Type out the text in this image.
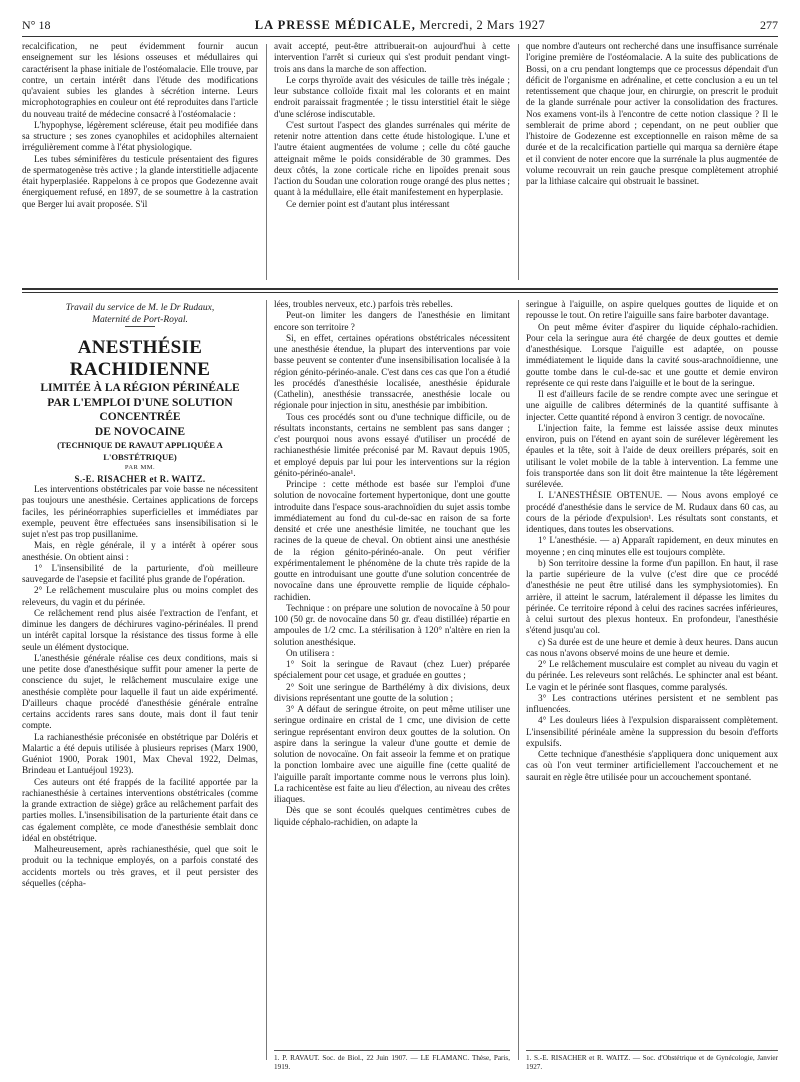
N° 18	LA PRESSE MÉDICALE, Mercredi, 2 Mars 1927	277

recalcification, ne peut évidemment fournir aucun enseignement sur les lésions osseuses et médullaires qui caractérisent la phase initiale de l'ostéomalacie. Elle trouve, par contre, un certain intérêt dans l'étude des modifications qu'avaient subies les glandes à sécrétion interne. Leurs microphotographies en couleur ont été reproduites dans l'article du nouveau traité de médecine consacré à l'ostéomalacie :

L'hypophyse, légèrement scléreuse, était peu modifiée dans sa structure ; ses zones cyanophiles et acidophiles alternaient irrégulièrement comme à l'état physiologique.

Les tubes séminifères du testicule présentaient des figures de spermatogenèse très active ; la glande interstitielle adjacente était hyperplasiée. Rappelons à ce propos que Godezenne avait énergiquement refusé, en 1897, de se soumettre à la castration que Berger lui avait proposée. S'il

avait accepté, peut-être attribuerait-on aujourd'hui à cette intervention l'arrêt si curieux qui s'est produit pendant vingt-trois ans dans la marche de son affection.

Le corps thyroïde avait des vésicules de taille très inégale ; leur substance colloïde fixait mal les colorants et en maint endroit paraissait fragmentée ; le tissu interstitiel était le siège d'une sclérose indiscutable.

C'est surtout l'aspect des glandes surrénales qui mérite de retenir notre attention dans cette étude histologique. L'une et l'autre étaient augmentées de volume ; celle du côté gauche atteignait même le poids considérable de 30 grammes. Des deux côtés, la zone corticale riche en lipoïdes prenait sous l'action du Soudan une coloration rouge orangé des plus nettes ; quant à la médullaire, elle était manifestement en hyperplasie.

Ce dernier point est d'autant plus intéressant

que nombre d'auteurs ont recherché dans une insuffisance surrénale l'origine première de l'ostéomalacie. A la suite des publications de Bossi, on a cru pendant longtemps que ce processus dépendait d'un déficit de l'organisme en adrénaline, et cette conclusion a eu un tel retentissement que chaque jour, en chirurgie, on prescrit le produit de la glande surrénale pour activer la consolidation des fractures. Nos examens vont-ils à l'encontre de cette notion classique ? Il le semblerait de prime abord ; cependant, on ne peut oublier que l'histoire de Godezenne est exceptionnelle en raison même de sa durée et de la recalcification partielle qui marqua sa dernière étape et il convient de noter encore que la surrénale la plus augmentée de volume recouvrait un rein gauche presque complètement atrophié par la lithiase calcaire qui obstruait le bassinet.

Travail du service de M. le Dr Rudaux,
Maternité de Port-Royal.

ANESTHÉSIE RACHIDIENNE

LIMITÉE À LA RÉGION PÉRINÉALE

PAR L'EMPLOI D'UNE SOLUTION CONCENTRÉE

DE NOVOCAINE

(TECHNIQUE DE RAVAUT APPLIQUÉE A L'OBSTÉTRIQUE)

PAR MM.

S.-E. RISACHER et R. WAITZ.

Les interventions obstétricales par voie basse ne nécessitent pas toujours une anesthésie. Certaines applications de forceps faciles, les périnéorraphies superficielles et immédiates par exemple, peuvent être effectuées sans insensibilisation si le sujet n'est pas trop pusillanime.

Mais, en règle générale, il y a intérêt à opérer sous anesthésie. On obtient ainsi :

1° L'insensibilité de la parturiente, d'où meilleure sauvegarde de l'asepsie et facilité plus grande de l'opération.

2° Le relâchement musculaire plus ou moins complet des releveurs, du vagin et du périnée.

Ce relâchement rend plus aisée l'extraction de l'enfant, et diminue les dangers de déchirures vagino-périnéales. Il prend un intérêt capital lorsque la résistance des tissus forme à elle seule un élément dystocique.

L'anesthésie générale réalise ces deux conditions, mais si une petite dose d'anesthésique suffit pour amener la perte de conscience du sujet, le relâchement musculaire exige une anesthésie complète pour laquelle il faut un aide expérimenté. D'ailleurs chaque procédé d'anesthésie générale entraîne certains accidents rares sans doute, mais dont il faut tenir compte.

La rachianesthésie préconisée en obstétrique par Doléris et Malartic a été depuis utilisée à plusieurs reprises (Marx 1900, Guéniot 1900, Porak 1901, Max Cheval 1922, Delmas, Brindeau et Lantuéjoul 1923).

Ces auteurs ont été frappés de la facilité apportée par la rachianesthésie à certaines interventions obstétricales (comme la grande extraction de siège) grâce au relâchement parfait des parties molles. L'insensibilisation de la parturiente était dans ce cas également complète, ce mode d'anesthésie semblait donc idéal en obstétrique.

Malheureusement, après rachianesthésie, quel que soit le produit ou la technique employés, on a parfois constaté des accidents mortels ou très graves, et il peut persister des séquelles (cépha-

lées, troubles nerveux, etc.) parfois très rebelles.

Peut-on limiter les dangers de l'anesthésie en limitant encore son territoire ?

Si, en effet, certaines opérations obstétricales nécessitent une anesthésie étendue, la plupart des interventions par voie basse peuvent se contenter d'une insensibilisation localisée à la région génito-périnéo-anale. C'est dans ces cas que l'on a étudié les procédés d'anesthésie localisée, anesthésie épidurale (Cathelin), anesthésie transsacrée, anesthésie locale ou régionale pour injection in situ, anesthésie par imbibition.

Tous ces procédés sont ou d'une technique difficile, ou de résultats inconstants, certains ne semblent pas sans danger ; c'est pourquoi nous avons essayé d'utiliser un procédé de rachianesthésie limitée préconisé par M. Ravaut depuis 1905, et employé depuis par lui pour les interventions sur la région génito-périnéo-anale¹.

Principe : cette méthode est basée sur l'emploi d'une solution de novocaïne fortement hypertonique, dont une goutte introduite dans l'espace sous-arachnoïdien du sujet assis tombe immédiatement au fond du cul-de-sac en raison de sa forte densité et crée une anesthésie limitée, ne touchant que les racines de la queue de cheval. On obtient ainsi une anesthésie de la région génito-périnéo-anale. On peut vérifier expérimentalement le phénomène de la chute très rapide de la goutte en introduisant une goutte d'une solution concentrée de novocaïne dans une éprouvette remplie de liquide céphalo-rachidien.

Technique : on prépare une solution de novocaïne à 50 pour 100 (50 gr. de novocaïne dans 50 gr. d'eau distillée) répartie en ampoules de 1/2 cmc. La stérilisation à 120° n'altère en rien la solution anesthésique.

On utilisera :

1° Soit la seringue de Ravaut (chez Luer) préparée spécialement pour cet usage, et graduée en gouttes ;

2° Soit une seringue de Barthélémy à dix divisions, deux divisions représentant une goutte de la solution ;

3° A défaut de seringue étroite, on peut même utiliser une seringue ordinaire en cristal de 1 cmc, une division de cette seringue représentant environ deux gouttes de la solution. On aspire dans la seringue la valeur d'une goutte et demie de solution de novocaïne. On fait asseoir la femme et on pratique la ponction lombaire avec une aiguille fine (cette qualité de l'aiguille paraît importante comme nous le verrons plus loin). La rachicentèse est faite au lieu d'élection, au niveau des crêtes iliaques.

Dès que se sont écoulés quelques centimètres cubes de liquide céphalo-rachidien, on adapte la

1. P. RAVAUT. Soc. de Biol., 22 Juin 1907. — LE FLAMANC. Thèse, Paris, 1919.

seringue à l'aiguille, on aspire quelques gouttes de liquide et on repousse le tout. On retire l'aiguille sans faire barboter davantage.

On peut même éviter d'aspirer du liquide céphalo-rachidien. Pour cela la seringue aura été chargée de deux gouttes et demie d'anesthésique. Lorsque l'aiguille est adaptée, on pousse immédiatement le liquide dans la cavité sous-arachnoïdienne, une goutte tombe dans le cul-de-sac et une goutte et demie environ représente ce qui reste dans l'aiguille et le bout de la seringue.

Il est d'ailleurs facile de se rendre compte avec une seringue et une aiguille de calibres déterminés de la quantité suffisante à injecter. Cette quantité répond à environ 3 centigr. de novocaïne.

L'injection faite, la femme est laissée assise deux minutes environ, puis on l'étend en ayant soin de surélever légèrement les épaules et la tête, soit à l'aide de deux oreillers préparés, soit en utilisant le volet mobile de la table à intervention. La femme une fois transportée dans son lit doit être maintenue la tête légèrement surélevée.

I. L'ANESTHÉSIE OBTENUE. — Nous avons employé ce procédé d'anesthésie dans le service de M. Rudaux dans 60 cas, au cours de la période d'expulsion¹. Les résultats sont constants, et identiques, dans toutes les observations.

1° L'anesthésie. — a) Apparaît rapidement, en deux minutes en moyenne ; en cinq minutes elle est toujours complète.

b) Son territoire dessine la forme d'un papillon. En haut, il rase la partie supérieure de la vulve (c'est dire que ce procédé d'anesthésie ne peut être utilisé dans les symphysiotomies). En arrière, il atteint le sacrum, latéralement il dépasse les limites du périnée. Ce territoire répond à celui des racines sacrées inférieures, à celui surtout des plexus honteux. En profondeur, l'anesthésie s'étend jusqu'au col.

c) Sa durée est de une heure et demie à deux heures. Dans aucun cas nous n'avons observé moins de une heure et demie.

2° Le relâchement musculaire est complet au niveau du vagin et du périnée. Les releveurs sont relâchés. Le sphincter anal est béant. Le vagin et le périnée sont flasques, comme paralysés.

3° Les contractions utérines persistent et ne semblent pas influencées.

4° Les douleurs liées à l'expulsion disparaissent complètement. L'insensibilité périnéale amène la suppression du besoin d'efforts expulsifs.

Cette technique d'anesthésie s'appliquera donc uniquement aux cas où l'on veut terminer artificiellement l'accouchement et ne saurait en règle être utilisée pour un accouchement spontané.

1. S.-E. RISACHER et R. WAITZ. — Soc. d'Obstétrique et de Gynécologie, Janvier 1927.
